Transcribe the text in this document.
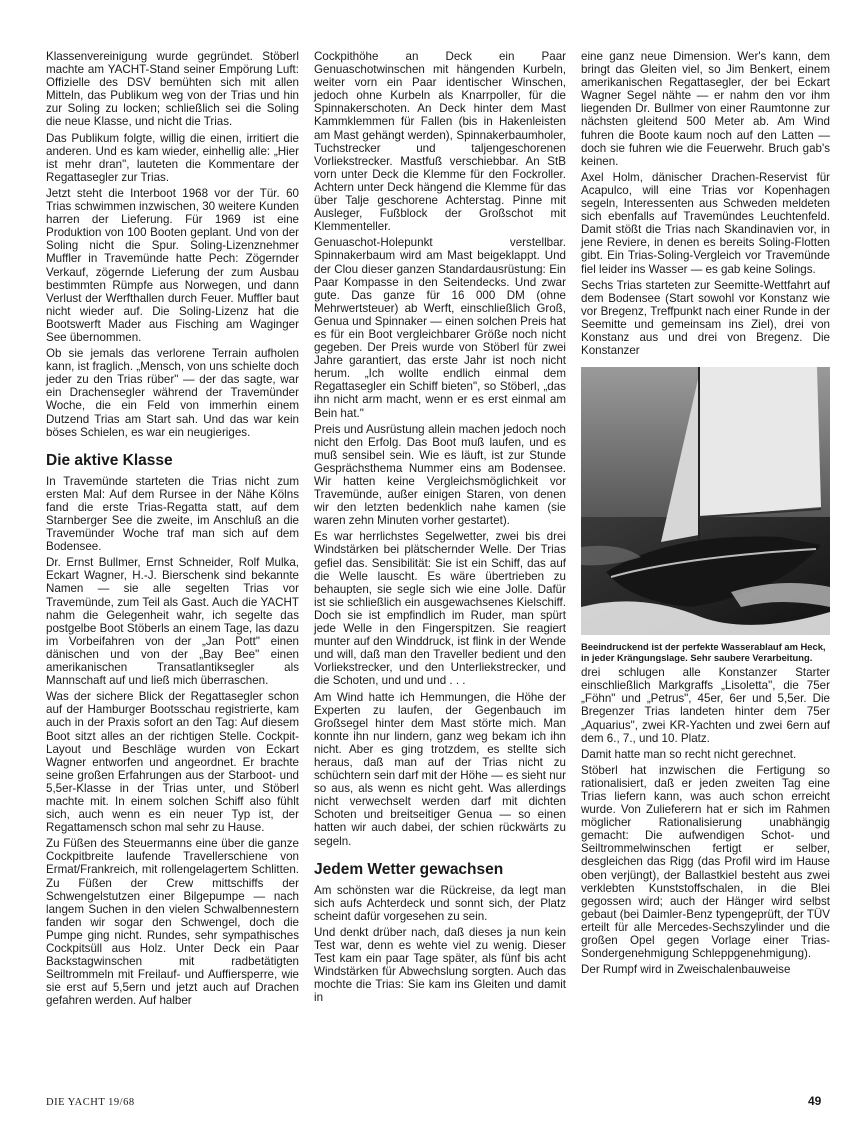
Klassenvereinigung wurde gegründet. Stöberl machte am YACHT-Stand seiner Empörung Luft: Offizielle des DSV bemühten sich mit allen Mitteln, das Publikum weg von der Trias und hin zur Soling zu locken; schließlich sei die Soling die neue Klasse, und nicht die Trias.

Das Publikum folgte, willig die einen, irritiert die anderen. Und es kam wieder, einhellig alle: „Hier ist mehr dran", lauteten die Kommentare der Regattasegler zur Trias.

Jetzt steht die Interboot 1968 vor der Tür. 60 Trias schwimmen inzwischen, 30 weitere Kunden harren der Lieferung. Für 1969 ist eine Produktion von 100 Booten geplant. Und von der Soling nicht die Spur. Soling-Lizenznehmer Muffler in Travemünde hatte Pech: Zögernder Verkauf, zögernde Lieferung der zum Ausbau bestimmten Rümpfe aus Norwegen, und dann Verlust der Werfthallen durch Feuer. Muffler baut nicht wieder auf. Die Soling-Lizenz hat die Bootswerft Mader aus Fisching am Waginger See übernommen.

Ob sie jemals das verlorene Terrain aufholen kann, ist fraglich. „Mensch, von uns schielte doch jeder zu den Trias rüber" — der das sagte, war ein Drachensegler während der Travemünder Woche, die ein Feld von immerhin einem Dutzend Trias am Start sah. Und das war kein böses Schielen, es war ein neugieriges.

Die aktive Klasse

In Travemünde starteten die Trias nicht zum ersten Mal: Auf dem Rursee in der Nähe Kölns fand die erste Trias-Regatta statt, auf dem Starnberger See die zweite, im Anschluß an die Travemünder Woche traf man sich auf dem Bodensee.

Dr. Ernst Bullmer, Ernst Schneider, Rolf Mulka, Eckart Wagner, H.-J. Bierschenk sind bekannte Namen — sie alle segelten Trias vor Travemünde, zum Teil als Gast. Auch die YACHT nahm die Gelegenheit wahr, ich segelte das postgelbe Boot Stöberls an einem Tage, las dazu im Vorbeifahren von der „Jan Pott" einen dänischen und von der „Bay Bee" einen amerikanischen Transatlantiksegler als Mannschaft auf und ließ mich überraschen.

Was der sichere Blick der Regattasegler schon auf der Hamburger Bootsschau registrierte, kam auch in der Praxis sofort an den Tag: Auf diesem Boot sitzt alles an der richtigen Stelle. Cockpit-Layout und Beschläge wurden von Eckart Wagner entworfen und angeordnet. Er brachte seine großen Erfahrungen aus der Starboot- und 5,5er-Klasse in der Trias unter, und Stöberl machte mit. In einem solchen Schiff also fühlt sich, auch wenn es ein neuer Typ ist, der Regattamensch schon mal sehr zu Hause.

Zu Füßen des Steuermanns eine über die ganze Cockpitbreite laufende Travellerschiene von Ermat/Frankreich, mit rollengelagertem Schlitten. Zu Füßen der Crew mittschiffs der Schwengelstutzen einer Bilgepumpe — nach langem Suchen in den vielen Schwalbennestern fanden wir sogar den Schwengel, doch die Pumpe ging nicht. Rundes, sehr sympathisches Cockpitsüll aus Holz. Unter Deck ein Paar Backstagwinschen mit radbetätigten Seiltrommeln mit Freilauf- und Auffiersperre, wie sie erst auf 5,5ern und jetzt auch auf Drachen gefahren werden. Auf halber

Cockpithöhe an Deck ein Paar Genuaschotwinschen mit hängenden Kurbeln, weiter vorn ein Paar identischer Winschen, jedoch ohne Kurbeln als Knarrpoller, für die Spinnakerschoten. An Deck hinter dem Mast Kammklemmen für Fallen (bis in Hakenleisten am Mast gehängt werden), Spinnakerbaumholer, Tuchstrecker und taljengeschorenen Vorliekstrecker. Mastfuß verschiebbar. An StB vorn unter Deck die Klemme für den Fockroller. Achtern unter Deck hängend die Klemme für das über Talje geschorene Achterstag. Pinne mit Ausleger, Fußblock der Großschot mit Klemmenteller.

Genuaschot-Holepunkt verstellbar. Spinnakerbaum wird am Mast beigeklappt. Und der Clou dieser ganzen Standardausrüstung: Ein Paar Kompasse in den Seitendecks. Und zwar gute. Das ganze für 16 000 DM (ohne Mehrwertsteuer) ab Werft, einschließlich Groß, Genua und Spinnaker — einen solchen Preis hat es für ein Boot vergleichbarer Größe noch nicht gegeben. Der Preis wurde von Stöberl für zwei Jahre garantiert, das erste Jahr ist noch nicht herum. „Ich wollte endlich einmal dem Regattasegler ein Schiff bieten", so Stöberl, „das ihn nicht arm macht, wenn er es erst einmal am Bein hat."

Preis und Ausrüstung allein machen jedoch noch nicht den Erfolg. Das Boot muß laufen, und es muß sensibel sein. Wie es läuft, ist zur Stunde Gesprächsthema Nummer eins am Bodensee. Wir hatten keine Vergleichsmöglichkeit vor Travemünde, außer einigen Staren, von denen wir den letzten bedenklich nahe kamen (sie waren zehn Minuten vorher gestartet).

Es war herrlichstes Segelwetter, zwei bis drei Windstärken bei plätschernder Welle. Der Trias gefiel das. Sensibilität: Sie ist ein Schiff, das auf die Welle lauscht. Es wäre übertrieben zu behaupten, sie segle sich wie eine Jolle. Dafür ist sie schließlich ein ausgewachsenes Kielschiff. Doch sie ist empfindlich im Ruder, man spürt jede Welle in den Fingerspitzen. Sie reagiert munter auf den Winddruck, ist flink in der Wende und will, daß man den Traveller bedient und den Vorliekstrecker, und den Unterliekstrecker, und die Schoten, und und und . . .

Am Wind hatte ich Hemmungen, die Höhe der Experten zu laufen, der Gegenbauch im Großsegel hinter dem Mast störte mich. Man konnte ihn nur lindern, ganz weg bekam ich ihn nicht. Aber es ging trotzdem, es stellte sich heraus, daß man auf der Trias nicht zu schüchtern sein darf mit der Höhe — es sieht nur so aus, als wenn es nicht geht. Was allerdings nicht verwechselt werden darf mit dichten Schoten und breitseitiger Genua — so einen hatten wir auch dabei, der schien rückwärts zu segeln.

Jedem Wetter gewachsen

Am schönsten war die Rückreise, da legt man sich aufs Achterdeck und sonnt sich, der Platz scheint dafür vorgesehen zu sein.

Und denkt drüber nach, daß dieses ja nun kein Test war, denn es wehte viel zu wenig. Dieser Test kam ein paar Tage später, als fünf bis acht Windstärken für Abwechslung sorgten. Auch das mochte die Trias: Sie kam ins Gleiten und damit in

eine ganz neue Dimension. Wer's kann, dem bringt das Gleiten viel, so Jim Benkert, einem amerikanischen Regattasegler, der bei Eckart Wagner Segel nähte — er nahm den vor ihm liegenden Dr. Bullmer von einer Raumtonne zur nächsten gleitend 500 Meter ab. Am Wind fuhren die Boote kaum noch auf den Latten — doch sie fuhren wie die Feuerwehr. Bruch gab's keinen.

Axel Holm, dänischer Drachen-Reservist für Acapulco, will eine Trias vor Kopenhagen segeln, Interessenten aus Schweden meldeten sich ebenfalls auf Travemündes Leuchtenfeld. Damit stößt die Trias nach Skandinavien vor, in jene Reviere, in denen es bereits Soling-Flotten gibt. Ein Trias-Soling-Vergleich vor Travemünde fiel leider ins Wasser — es gab keine Solings.

Sechs Trias starteten zur Seemitte-Wettfahrt auf dem Bodensee (Start sowohl vor Konstanz wie vor Bregenz, Treffpunkt nach einer Runde in der Seemitte und gemeinsam ins Ziel), drei von Konstanz aus und drei von Bregenz. Die Konstanzer

Beeindruckend ist der perfekte Wasserablauf am Heck, in jeder Krängungslage. Sehr saubere Verarbeitung.

drei schlugen alle Konstanzer Starter einschließlich Markgraffs „Lisoletta", die 75er „Föhn" und „Petrus", 45er, 6er und 5,5er. Die Bregenzer Trias landeten hinter dem 75er „Aquarius", zwei KR-Yachten und zwei 6ern auf dem 6., 7., und 10. Platz.

Damit hatte man so recht nicht gerechnet.

Stöberl hat inzwischen die Fertigung so rationalisiert, daß er jeden zweiten Tag eine Trias liefern kann, was auch schon erreicht wurde. Von Zulieferern hat er sich im Rahmen möglicher Rationalisierung unabhängig gemacht: Die aufwendigen Schot- und Seiltrommelwinschen fertigt er selber, desgleichen das Rigg (das Profil wird im Hause oben verjüngt), der Ballastkiel besteht aus zwei verklebten Kunststoffschalen, in die Blei gegossen wird; auch der Hänger wird selbst gebaut (bei Daimler-Benz typengeprüft, der TÜV erteilt für alle Mercedes-Sechszylinder und die großen Opel gegen Vorlage einer Trias-Sondergenehmigung Schleppgenehmigung).

Der Rumpf wird in Zweischalenbauweise

DIE YACHT 19/68	49
